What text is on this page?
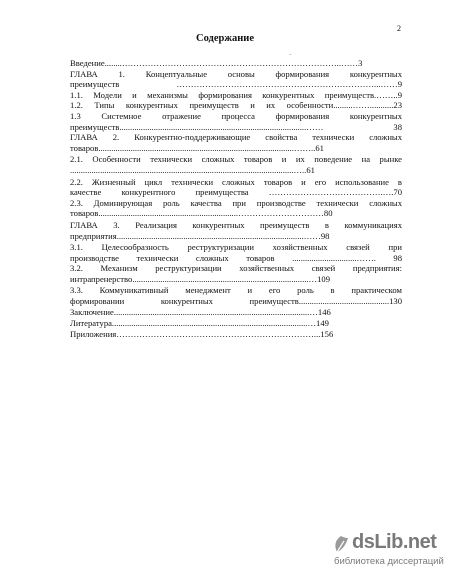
2
Содержание
·
Введение........…………………………………………………………………..……3
ГЛАВА 1. Концептуальные основы формирования конкурентных
преимуществ ……………………………………………………………...……9
1.1. Модели и механизмы формирования конкурентных преимуществ.……..9
1.2. Типы конкурентных преимуществ и их особенности.........……...........23
1.3 Системное отражение процесса формирования конкурентных
преимуществ.......................................................................................…… 38
ГЛАВА 2. Конкурентно-поддерживающие свойства технически сложных
товаров...........................................................................................……..61
2.1. Особенности технически сложных товаров и их поведение на рынке
........................................................................................................…..61
2.2. Жизненный цикл технически сложных товаров и его использование в
качестве конкурентного преимущества ………………………………….….70
2.3. Доминирующая роль качества при производстве технически сложных
товаров.................................................................…………………………80
ГЛАВА 3. Реализация конкурентных преимуществ в коммуникациях
предприятия.......................................................................................……98
3.1. Целесообразность реструктуризации хозяйственных связей при
производстве технически сложных товаров ..............................……. 98
3.2. Механизм реструктуризации хозяйственных связей предприятия:
интрапренерство..................................................................................…109
3.3. Коммуникативный менеджмент и его роль в практическом
формировании конкурентных преимуществ..........................................130
Заключение...........................................................................................…146
Литература...........................................................................................…149
Приложения……………………………………………………………...156
dsLib.net
библиотека диссертаций
